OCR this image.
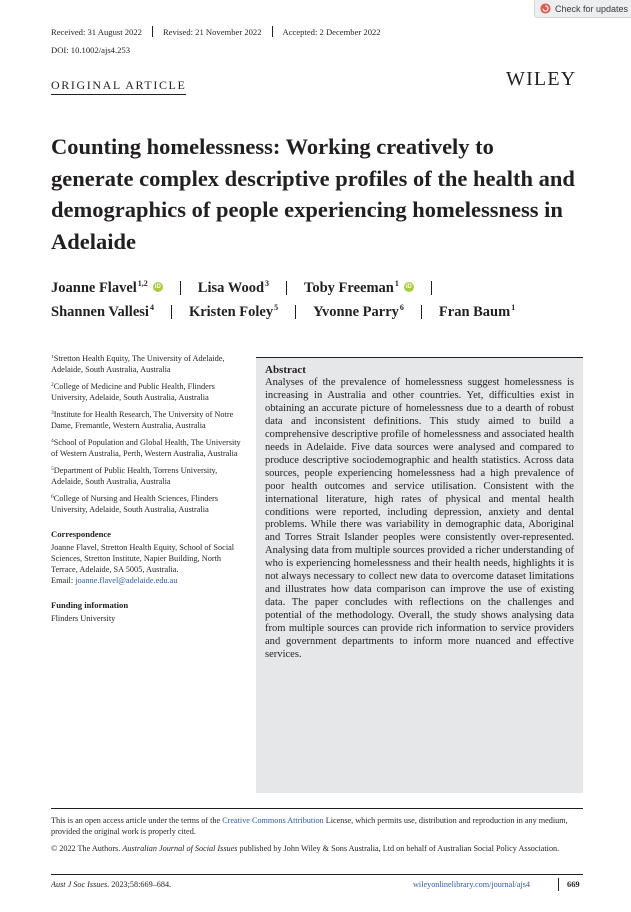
Check for updates
Received: 31 August 2022 Revised: 21 November 2022 Accepted: 2 December 2022
DOI: 10.1002/ajs4.253
ORIGINAL ARTICLE	WILEY
Counting homelessness: Working creatively to generate complex descriptive profiles of the health and demographics of people experiencing homelessness in Adelaide
Joanne Flavel$^{1,2}$	iD	Lisa Wood$^3$ Toby Freeman$^1$	iD
Shannen Vallesi$^4$ Kristen Foley$^5$ Yvonne Parry$^6$ Fran Baum$^1$
$^1$Stretton Health Equity, The University of Adelaide, Adelaide, South Australia, Australia
$^2$College of Medicine and Public Health, Flinders University, Adelaide, South Australia, Australia
$^3$Institute for Health Research, The University of Notre Dame, Fremantle, Western Australia, Australia
$^4$School of Population and Global Health, The University of Western Australia, Perth, Western Australia, Australia
$^5$Department of Public Health, Torrens University, Adelaide, South Australia, Australia
$^6$College of Nursing and Health Sciences, Flinders University, Adelaide, South Australia, Australia
Correspondence
Joanne Flavel, Stretton Health Equity, School of Social Sciences, Stretton Institute, Napier Building, North Terrace, Adelaide, SA 5005, Australia.
Email: joanne.flavel@adelaide.edu.au
Funding information
Flinders University
Abstract
Analyses of the prevalence of homelessness suggest homelessness is increasing in Australia and other countries. Yet, difficulties exist in obtaining an accurate picture of homelessness due to a dearth of robust data and inconsistent definitions. This study aimed to build a comprehensive descriptive profile of homelessness and associated health needs in Adelaide. Five data sources were analysed and compared to produce descriptive sociodemographic and health statistics. Across data sources, people experiencing homelessness had a high prevalence of poor health outcomes and service utilisation. Consistent with the international literature, high rates of physical and mental health conditions were reported, including depression, anxiety and dental problems. While there was variability in demographic data, Aboriginal and Torres Strait Islander peoples were consistently over-represented. Analysing data from multiple sources provided a richer understanding of who is experiencing homelessness and their health needs, highlights it is not always necessary to collect new data to overcome dataset limitations and illustrates how data comparison can improve the use of existing data. The paper concludes with reflections on the challenges and potential of the methodology. Overall, the study shows analysing data from multiple sources can provide rich information to service providers and government departments to inform more nuanced and effective services.
This is an open access article under the terms of the Creative Commons Attribution License, which permits use, distribution and reproduction in any medium, provided the original work is properly cited.
© 2022 The Authors. Australian Journal of Social Issues published by John Wiley & Sons Australia, Ltd on behalf of Australian Social Policy Association.
Aust J Soc Issues. 2023;58:669–684.	wileyonlinelibrary.com/journal/ajs4	669
